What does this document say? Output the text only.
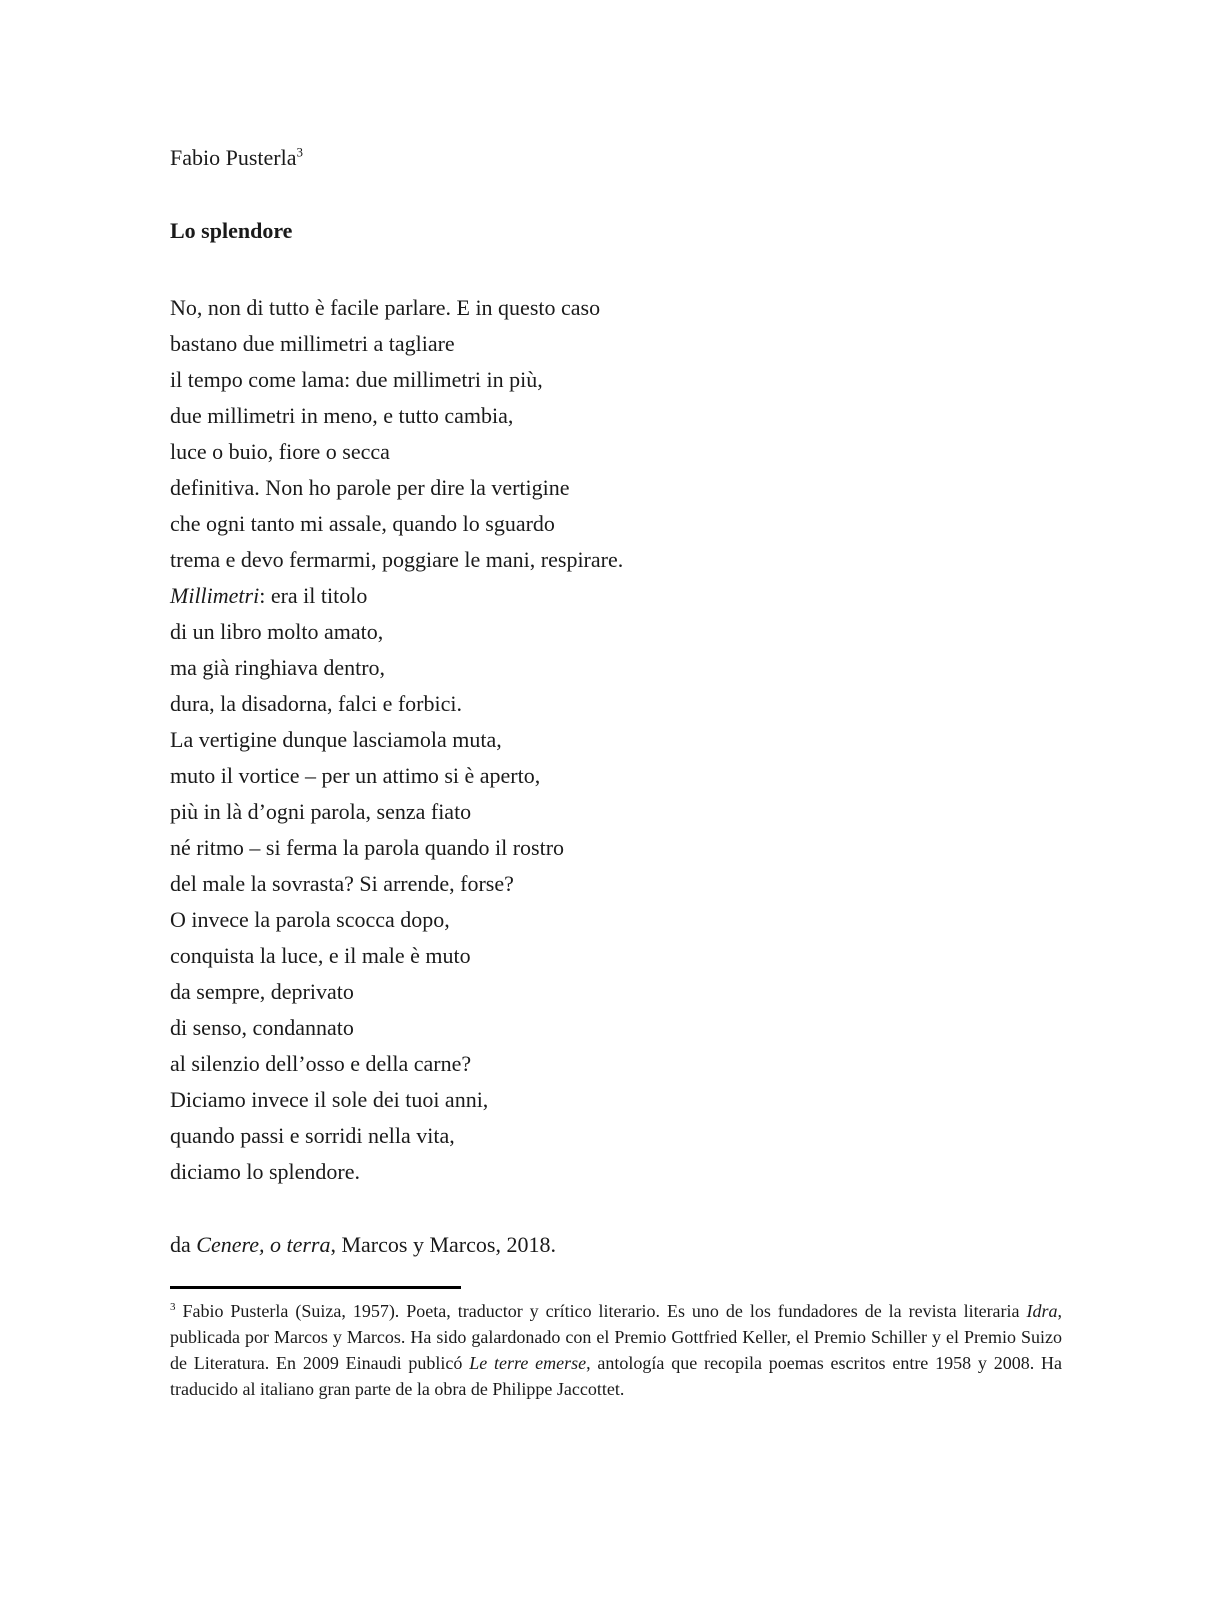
Fabio Pusterla$^3$
Lo splendore
No, non di tutto è facile parlare. E in questo caso
bastano due millimetri a tagliare
il tempo come lama: due millimetri in più,
due millimetri in meno, e tutto cambia,
luce o buio, fiore o secca
definitiva. Non ho parole per dire la vertigine
che ogni tanto mi assale, quando lo sguardo
trema e devo fermarmi, poggiare le mani, respirare.
Millimetri: era il titolo
di un libro molto amato,
ma già ringhiava dentro,
dura, la disadorna, falci e forbici.
La vertigine dunque lasciamola muta,
muto il vortice – per un attimo si è aperto,
più in là d’ogni parola, senza fiato
né ritmo – si ferma la parola quando il rostro
del male la sovrasta? Si arrende, forse?
O invece la parola scocca dopo,
conquista la luce, e il male è muto
da sempre, deprivato
di senso, condannato
al silenzio dell’osso e della carne?
Diciamo invece il sole dei tuoi anni,
quando passi e sorridi nella vita,
diciamo lo splendore.
da Cenere, o terra, Marcos y Marcos, 2018.
$^3$ Fabio Pusterla (Suiza, 1957). Poeta, traductor y crítico literario. Es uno de los fundadores de la revista literaria Idra, publicada por Marcos y Marcos. Ha sido galardonado con el Premio Gottfried Keller, el Premio Schiller y el Premio Suizo de Literatura. En 2009 Einaudi publicó Le terre emerse, antología que recopila poemas escritos entre 1958 y 2008. Ha traducido al italiano gran parte de la obra de Philippe Jaccottet.
